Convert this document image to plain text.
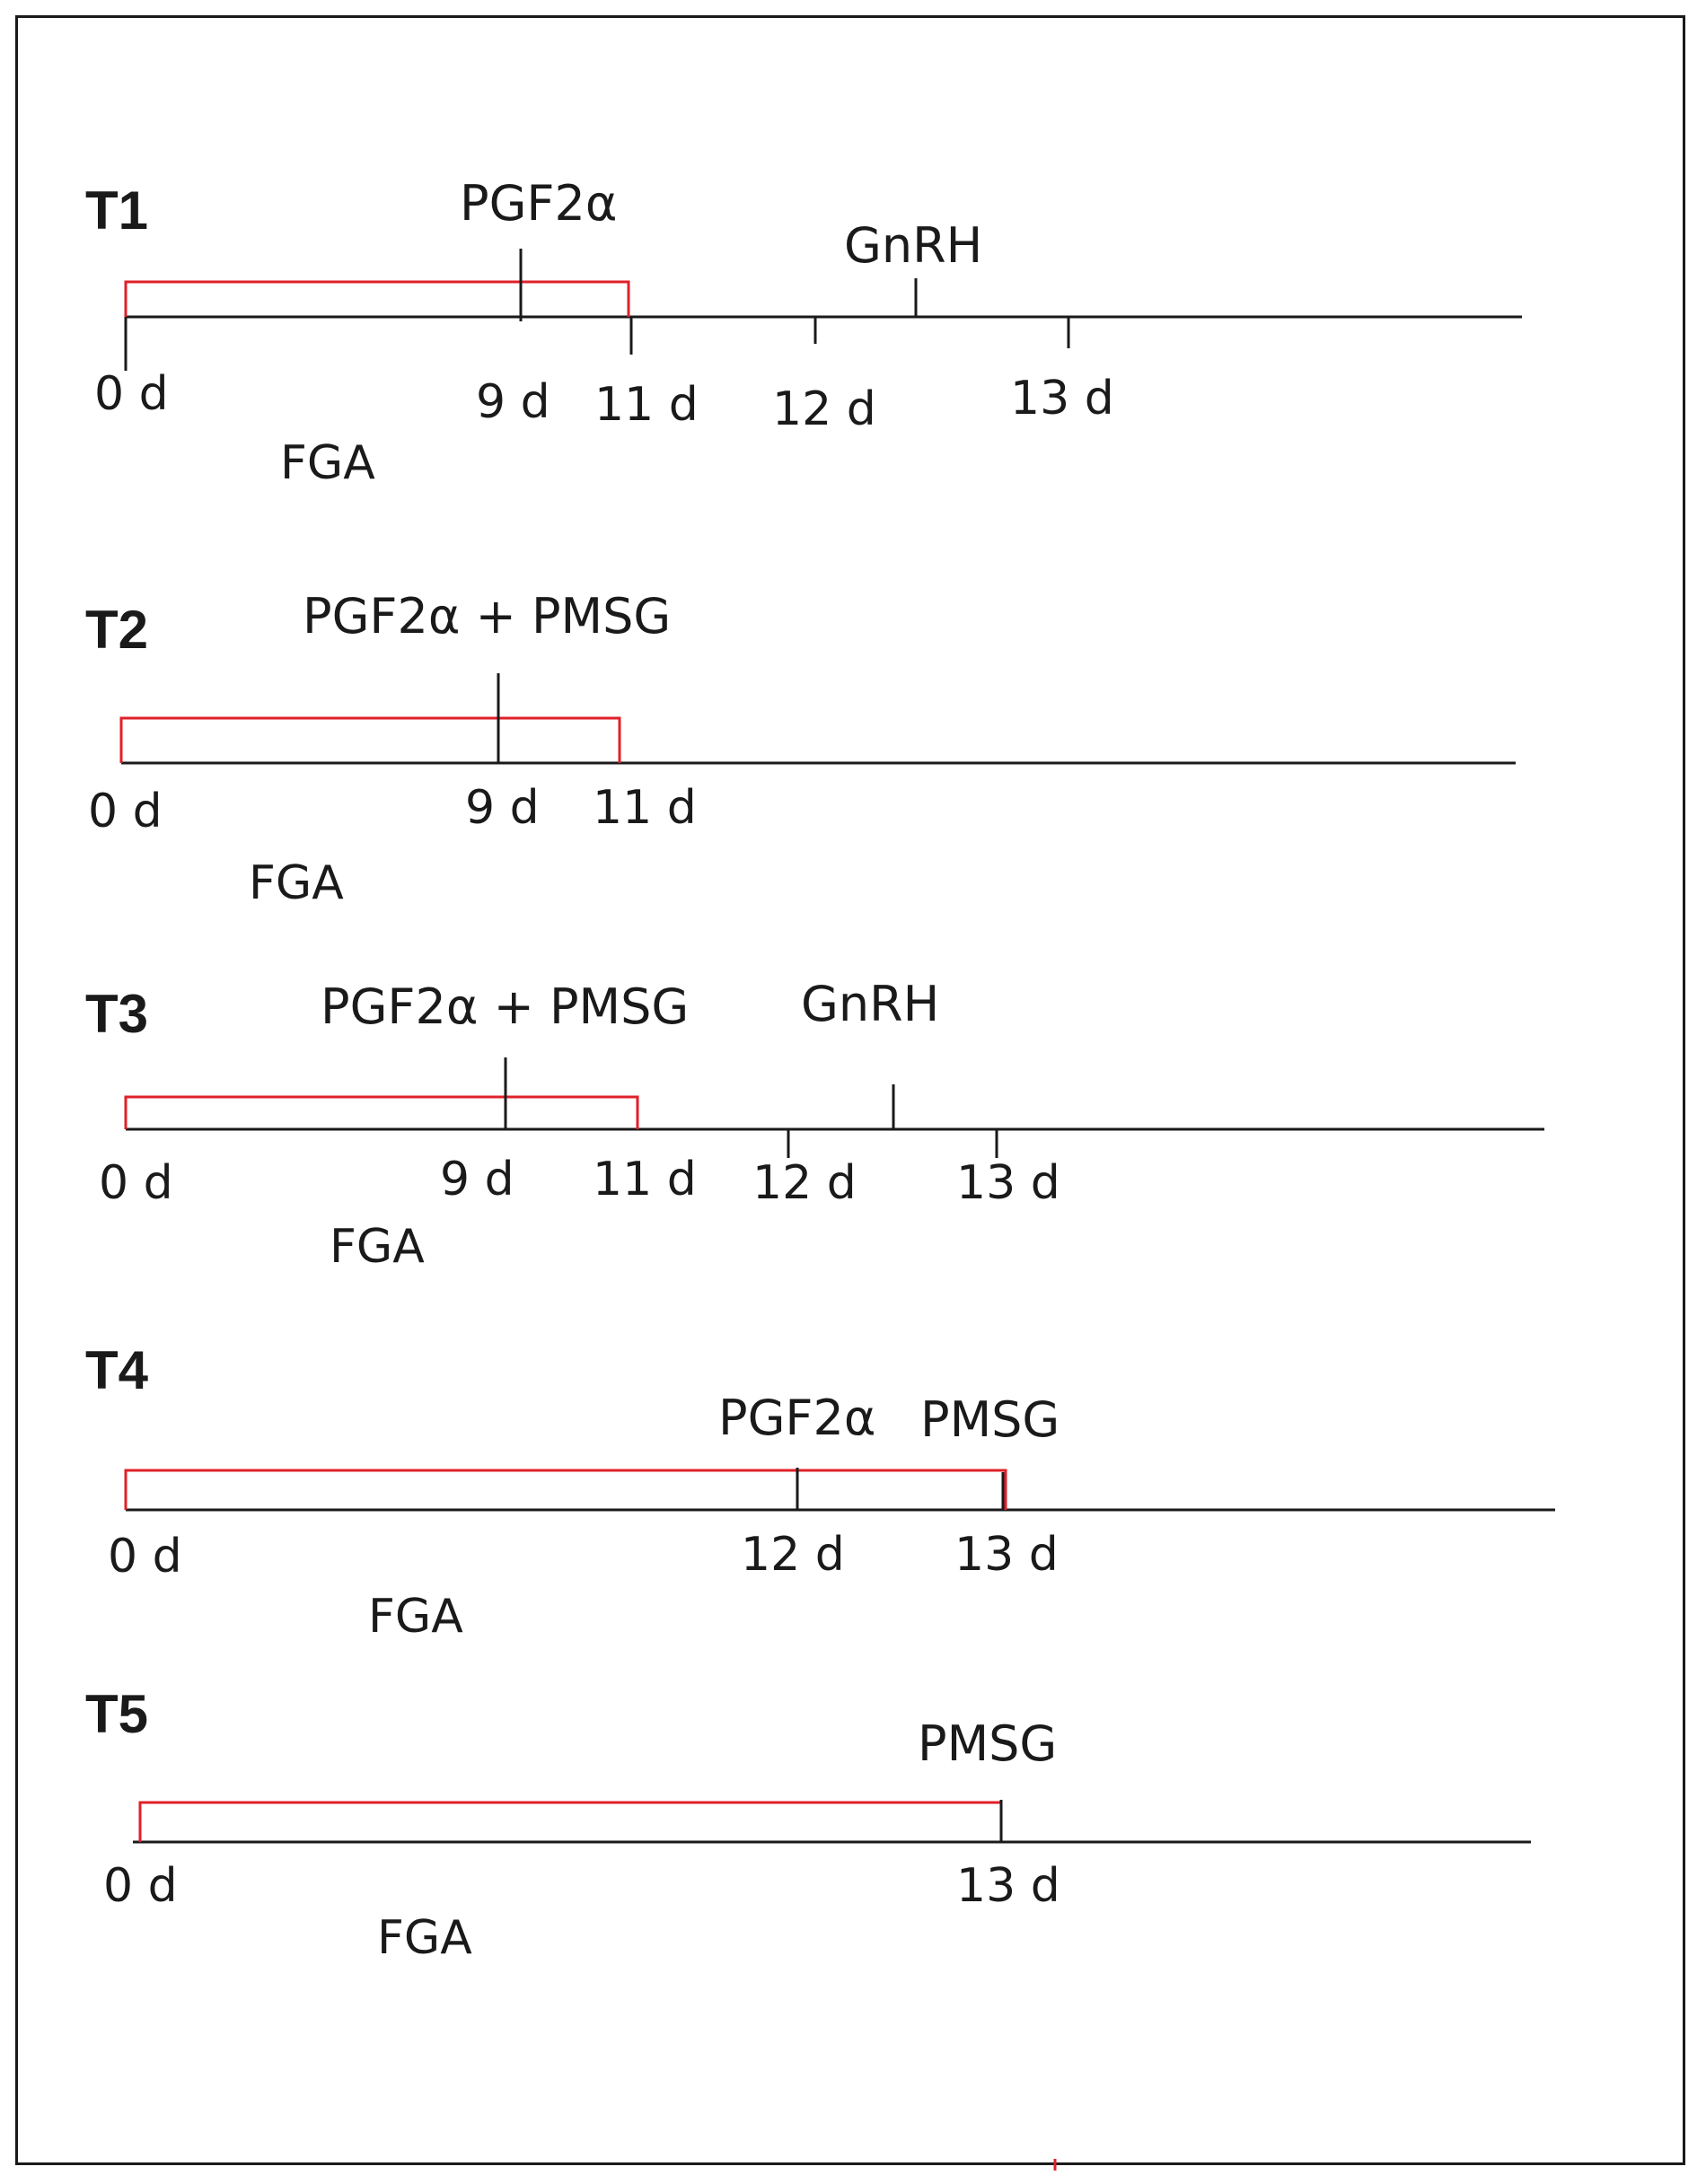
T1	PGF2α
GnRH
0 d	9 d 11 d 12 d	13 d
FGA
T2	PGF2α + PMSG
0 d	9 d 11 d
FGA
T3	PGF2α + PMSG GnRH
0 d	9 d 11 d 12 d 13 d
FGA
T4
PGF2α PMSG
0 d	12 d 13 d
FGA
T5	PMSG
0 d	13 d
FGA
